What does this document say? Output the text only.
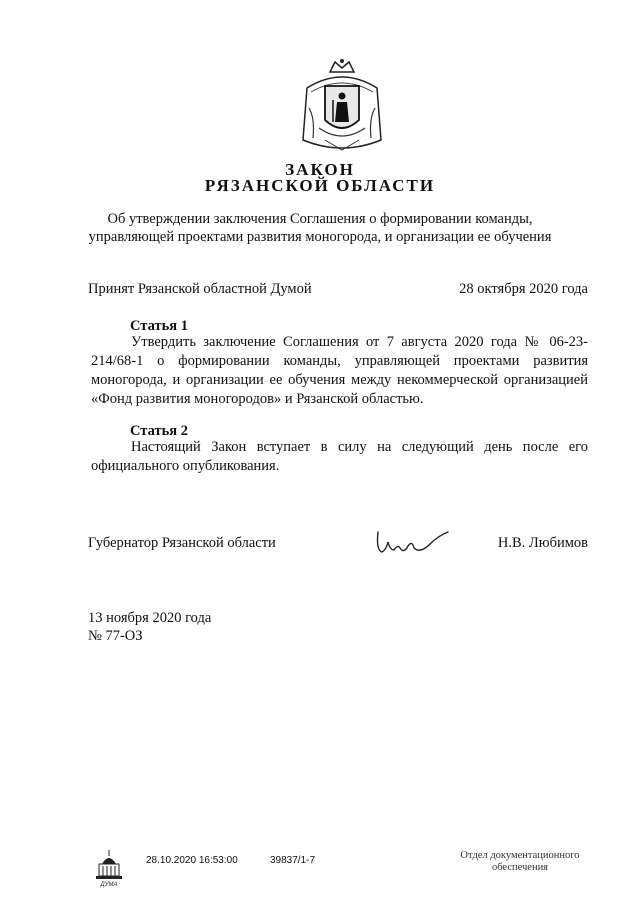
ЗАКОН
РЯЗАНСКОЙ ОБЛАСТИ
Об утверждении заключения Соглашения о формировании команды, управляющей проектами развития моногорода, и организации ее обучения
Принят Рязанской областной Думой	28 октября 2020 года
Статья 1
Утвердить заключение Соглашения от 7 августа 2020 года № 06-23-214/68-1 о формировании команды, управляющей проектами развития моногорода, и организации ее обучения между некоммерческой организацией «Фонд развития моногородов» и Рязанской областью.
Статья 2
Настоящий Закон вступает в силу на следующий день после его официального опубликования.
Губернатор Рязанской области	Н.В. Любимов
13 ноября 2020 года
№ 77-ОЗ
ДУМА
28.10.2020 16:53:00	39837/1-7	Отдел документационного
обеспечения
